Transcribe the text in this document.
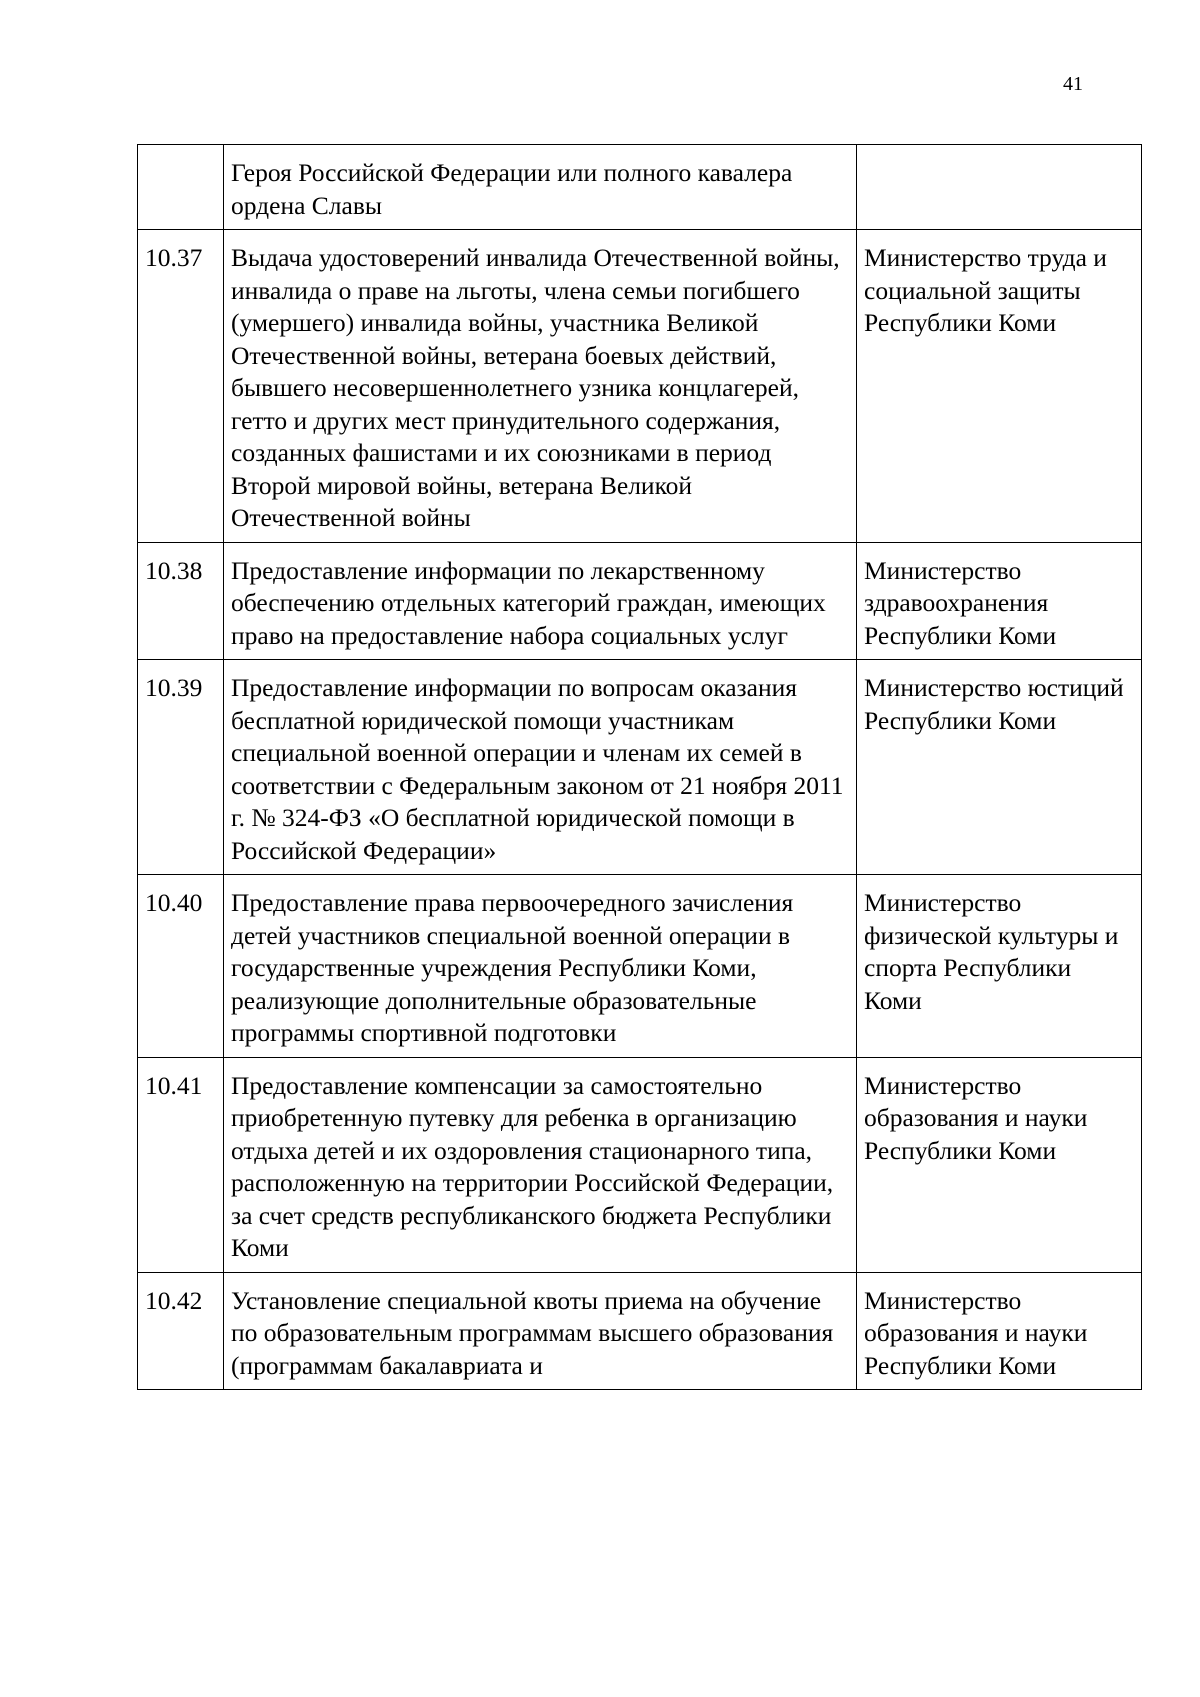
41
	Героя Российской Федерации или полного кавалера ордена Славы	
10.37	Выдача удостоверений инвалида Отечественной войны, инвалида о праве на льготы, члена семьи погибшего (умершего) инвалида войны, участника Великой Отечественной войны, ветерана боевых действий, бывшего несовершеннолетнего узника концлагерей, гетто и других мест принудительного содержания, созданных фашистами и их союзниками в период Второй мировой войны, ветерана Великой Отечественной войны	Министерство труда и социальной защиты Республики Коми
10.38	Предоставление информации по лекарственному обеспечению отдельных категорий граждан, имеющих право на предоставление набора социальных услуг	Министерство здравоохранения Республики Коми
10.39	Предоставление информации по вопросам оказания бесплатной юридической помощи участникам специальной военной операции и членам их семей в соответствии с Федеральным законом от 21 ноября 2011 г. № 324-ФЗ «О бесплатной юридической помощи в Российской Федерации»	Министерство юстиций Республики Коми
10.40	Предоставление права первоочередного зачисления детей участников специальной военной операции в государственные учреждения Республики Коми, реализующие дополнительные образовательные программы спортивной подготовки	Министерство физической культуры и спорта Республики Коми
10.41	Предоставление компенсации за самостоятельно приобретенную путевку для ребенка в организацию отдыха детей и их оздоровления стационарного типа, расположенную на территории Российской Федерации, за счет средств республиканского бюджета Республики Коми	Министерство образования и науки Республики Коми
10.42	Установление специальной квоты приема на обучение по образовательным программам высшего образования (программам бакалавриата и	Министерство образования и науки Республики Коми
